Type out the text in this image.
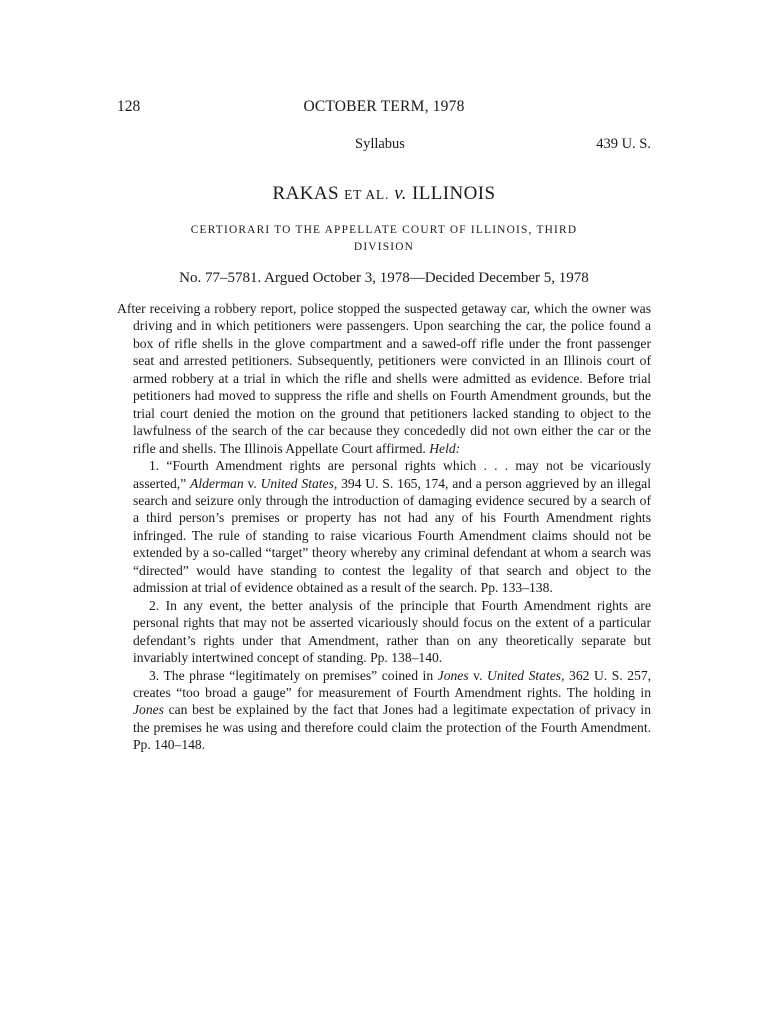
128	OCTOBER TERM, 1978
Syllabus	439 U. S.
RAKAS ET AL. v. ILLINOIS
CERTIORARI TO THE APPELLATE COURT OF ILLINOIS, THIRD
DIVISION
No. 77–5781. Argued October 3, 1978—Decided December 5, 1978

After receiving a robbery report, police stopped the suspected getaway car, which the owner was driving and in which petitioners were passengers. Upon searching the car, the police found a box of rifle shells in the glove compartment and a sawed-off rifle under the front passenger seat and arrested petitioners. Subsequently, petitioners were convicted in an Illinois court of armed robbery at a trial in which the rifle and shells were admitted as evidence. Before trial petitioners had moved to suppress the rifle and shells on Fourth Amendment grounds, but the trial court denied the motion on the ground that petitioners lacked standing to object to the lawfulness of the search of the car because they concededly did not own either the car or the rifle and shells. The Illinois Appellate Court affirmed. Held:

1. “Fourth Amendment rights are personal rights which . . . may not be vicariously asserted,” Alderman v. United States, 394 U. S. 165, 174, and a person aggrieved by an illegal search and seizure only through the introduction of damaging evidence secured by a search of a third person’s premises or property has not had any of his Fourth Amendment rights infringed. The rule of standing to raise vicarious Fourth Amendment claims should not be extended by a so-called “target” theory whereby any criminal defendant at whom a search was “directed” would have standing to contest the legality of that search and object to the admission at trial of evidence obtained as a result of the search. Pp. 133–138.

2. In any event, the better analysis of the principle that Fourth Amendment rights are personal rights that may not be asserted vicariously should focus on the extent of a particular defendant’s rights under that Amendment, rather than on any theoretically separate but invariably intertwined concept of standing. Pp. 138–140.

3. The phrase “legitimately on premises” coined in Jones v. United States, 362 U. S. 257, creates “too broad a gauge” for measurement of Fourth Amendment rights. The holding in Jones can best be explained by the fact that Jones had a legitimate expectation of privacy in the premises he was using and therefore could claim the protection of the Fourth Amendment. Pp. 140–148.
